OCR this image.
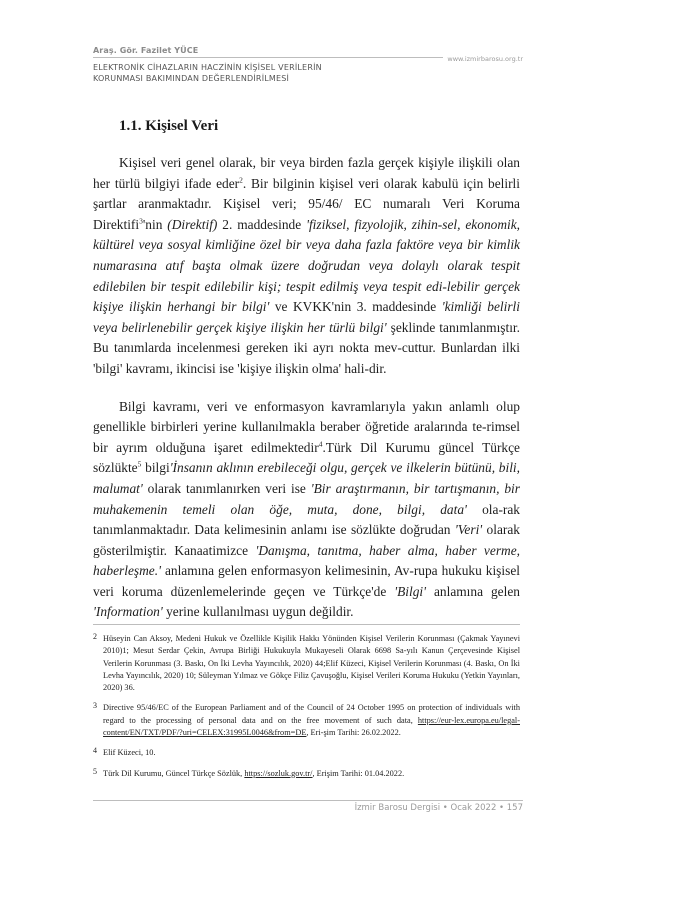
Araş. Gör. Fazilet YÜCE
www.izmirbarosu.org.tr
ELEKTRONİK CİHAZLARIN HACZİNİN KİŞİSEL VERİLERİN
KORUNMASI BAKIMINDAN DEĞERLENDİRİLMESİ
1.1. Kişisel Veri

Kişisel veri genel olarak, bir veya birden fazla gerçek kişiyle ilişkili olan her türlü bilgiyi ifade eder$^2$. Bir bilginin kişisel veri olarak kabulü için belirli şartlar aranmaktadır. Kişisel veri; 95/46/ EC numaralı Veri Koruma Direktifi$^3$'nin (Direktif) 2. maddesinde 'fiziksel, fizyolojik, zihin-sel, ekonomik, kültürel veya sosyal kimliğine özel bir veya daha fazla faktöre veya bir kimlik numarasına atıf başta olmak üzere doğrudan veya dolaylı olarak tespit edilebilen bir tespit edilebilir kişi; tespit edilmiş veya tespit edi-lebilir gerçek kişiye ilişkin herhangi bir bilgi' ve KVKK'nin 3. maddesinde 'kimliği belirli veya belirlenebilir gerçek kişiye ilişkin her türlü bilgi' şeklinde tanımlanmıştır. Bu tanımlarda incelenmesi gereken iki ayrı nokta mev-cuttur. Bunlardan ilki 'bilgi' kavramı, ikincisi ise 'kişiye ilişkin olma' hali-dir.

Bilgi kavramı, veri ve enformasyon kavramlarıyla yakın anlamlı olup genellikle birbirleri yerine kullanılmakla beraber öğretide aralarında te-rimsel bir ayrım olduğuna işaret edilmektedir$^4$.Türk Dil Kurumu güncel Türkçe sözlükte$^5$ bilgi'İnsanın aklının erebileceği olgu, gerçek ve ilkelerin bütünü, bili, malumat' olarak tanımlanırken veri ise 'Bir araştırmanın, bir tartışmanın, bir muhakemenin temeli olan öğe, muta, done, bilgi, data' ola-rak tanımlanmaktadır. Data kelimesinin anlamı ise sözlükte doğrudan 'Veri' olarak gösterilmiştir. Kanaatimizce 'Danışma, tanıtma, haber alma, haber verme, haberleşme.' anlamına gelen enformasyon kelimesinin, Av-rupa hukuku kişisel veri koruma düzenlemelerinde geçen ve Türkçe'de 'Bilgi' anlamına gelen 'Information' yerine kullanılması uygun değildir.

2 Hüseyin Can Aksoy, Medeni Hukuk ve Özellikle Kişilik Hakkı Yönünden Kişisel Verilerin Korunması (Çakmak Yayınevi 2010)1; Mesut Serdar Çekin, Avrupa Birliği Hukukuyla Mukayeseli Olarak 6698 Sa-yılı Kanun Çerçevesinde Kişisel Verilerin Korunması (3. Baskı, On İki Levha Yayıncılık, 2020) 44;Elif Küzeci, Kişisel Verilerin Korunması (4. Baskı, On İki Levha Yayıncılık, 2020) 10; Süleyman Yılmaz ve Gökçe Filiz Çavuşoğlu, Kişisel Verileri Koruma Hukuku (Yetkin Yayınları, 2020) 36.
3 Directive 95/46/EC of the European Parliament and of the Council of 24 October 1995 on protection of individuals with regard to the processing of personal data and on the free movement of such data, https://eur-lex.europa.eu/legal-content/EN/TXT/PDF/?uri=CELEX:31995L0046&from=DE, Eri-şim Tarihi: 26.02.2022.
4 Elif Küzeci, 10.
5 Türk Dil Kurumu, Güncel Türkçe Sözlük, https://sozluk.gov.tr/, Erişim Tarihi: 01.04.2022.
İzmir Barosu Dergisi • Ocak 2022 • 157
